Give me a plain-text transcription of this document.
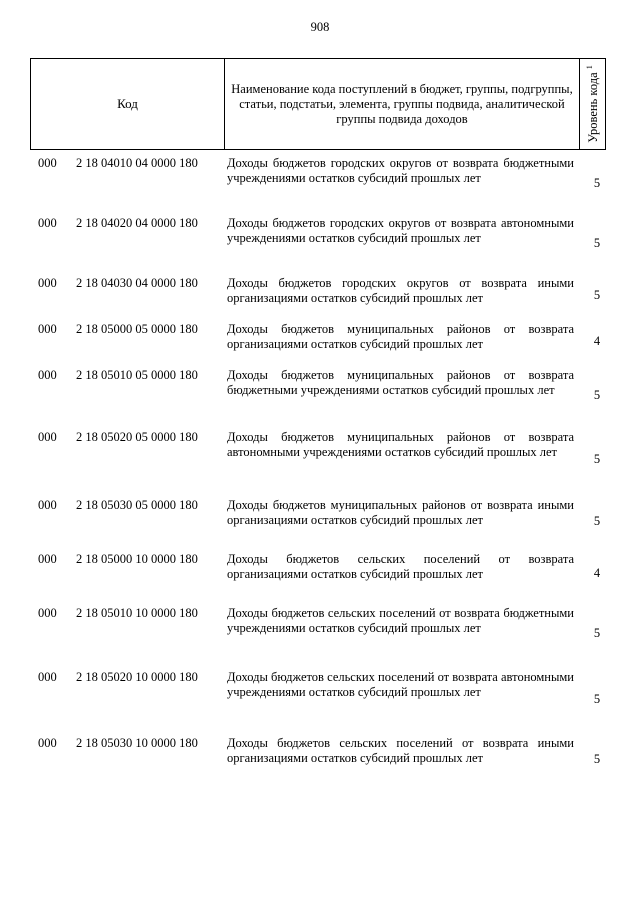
908
Код
Наименование кода поступлений в бюджет, группы, подгруппы, статьи, подстатьи, элемента, группы подвида, аналитической группы подвида доходов	Уровень кода $^1$
000 2 18 04010 04 0000 180 Доходы бюджетов городских округов от возврата бюджетными учреждениями остатков субсидий прошлых лет	5
000 2 18 04020 04 0000 180 Доходы бюджетов городских округов от возврата автономными учреждениями остатков субсидий прошлых лет	5
000 2 18 04030 04 0000 180 Доходы бюджетов городских округов от возврата иными организациями остатков субсидий прошлых лет	5
000 2 18 05000 05 0000 180 Доходы бюджетов муниципальных районов от возврата организациями остатков субсидий прошлых лет	4
000 2 18 05010 05 0000 180 Доходы бюджетов муниципальных районов от возврата бюджетными учреждениями остатков субсидий прошлых лет	5
000 2 18 05020 05 0000 180 Доходы бюджетов муниципальных районов от возврата автономными учреждениями остатков субсидий прошлых лет	5
000 2 18 05030 05 0000 180 Доходы бюджетов муниципальных районов от возврата иными организациями остатков субсидий прошлых лет	5
000 2 18 05000 10 0000 180 Доходы бюджетов сельских поселений от возврата организациями остатков субсидий прошлых лет	4
000 2 18 05010 10 0000 180 Доходы бюджетов сельских поселений от возврата бюджетными учреждениями остатков субсидий прошлых лет	5
000 2 18 05020 10 0000 180 Доходы бюджетов сельских поселений от возврата автономными учреждениями остатков субсидий прошлых лет	5
000 2 18 05030 10 0000 180 Доходы бюджетов сельских поселений от возврата иными организациями остатков субсидий прошлых лет	5
